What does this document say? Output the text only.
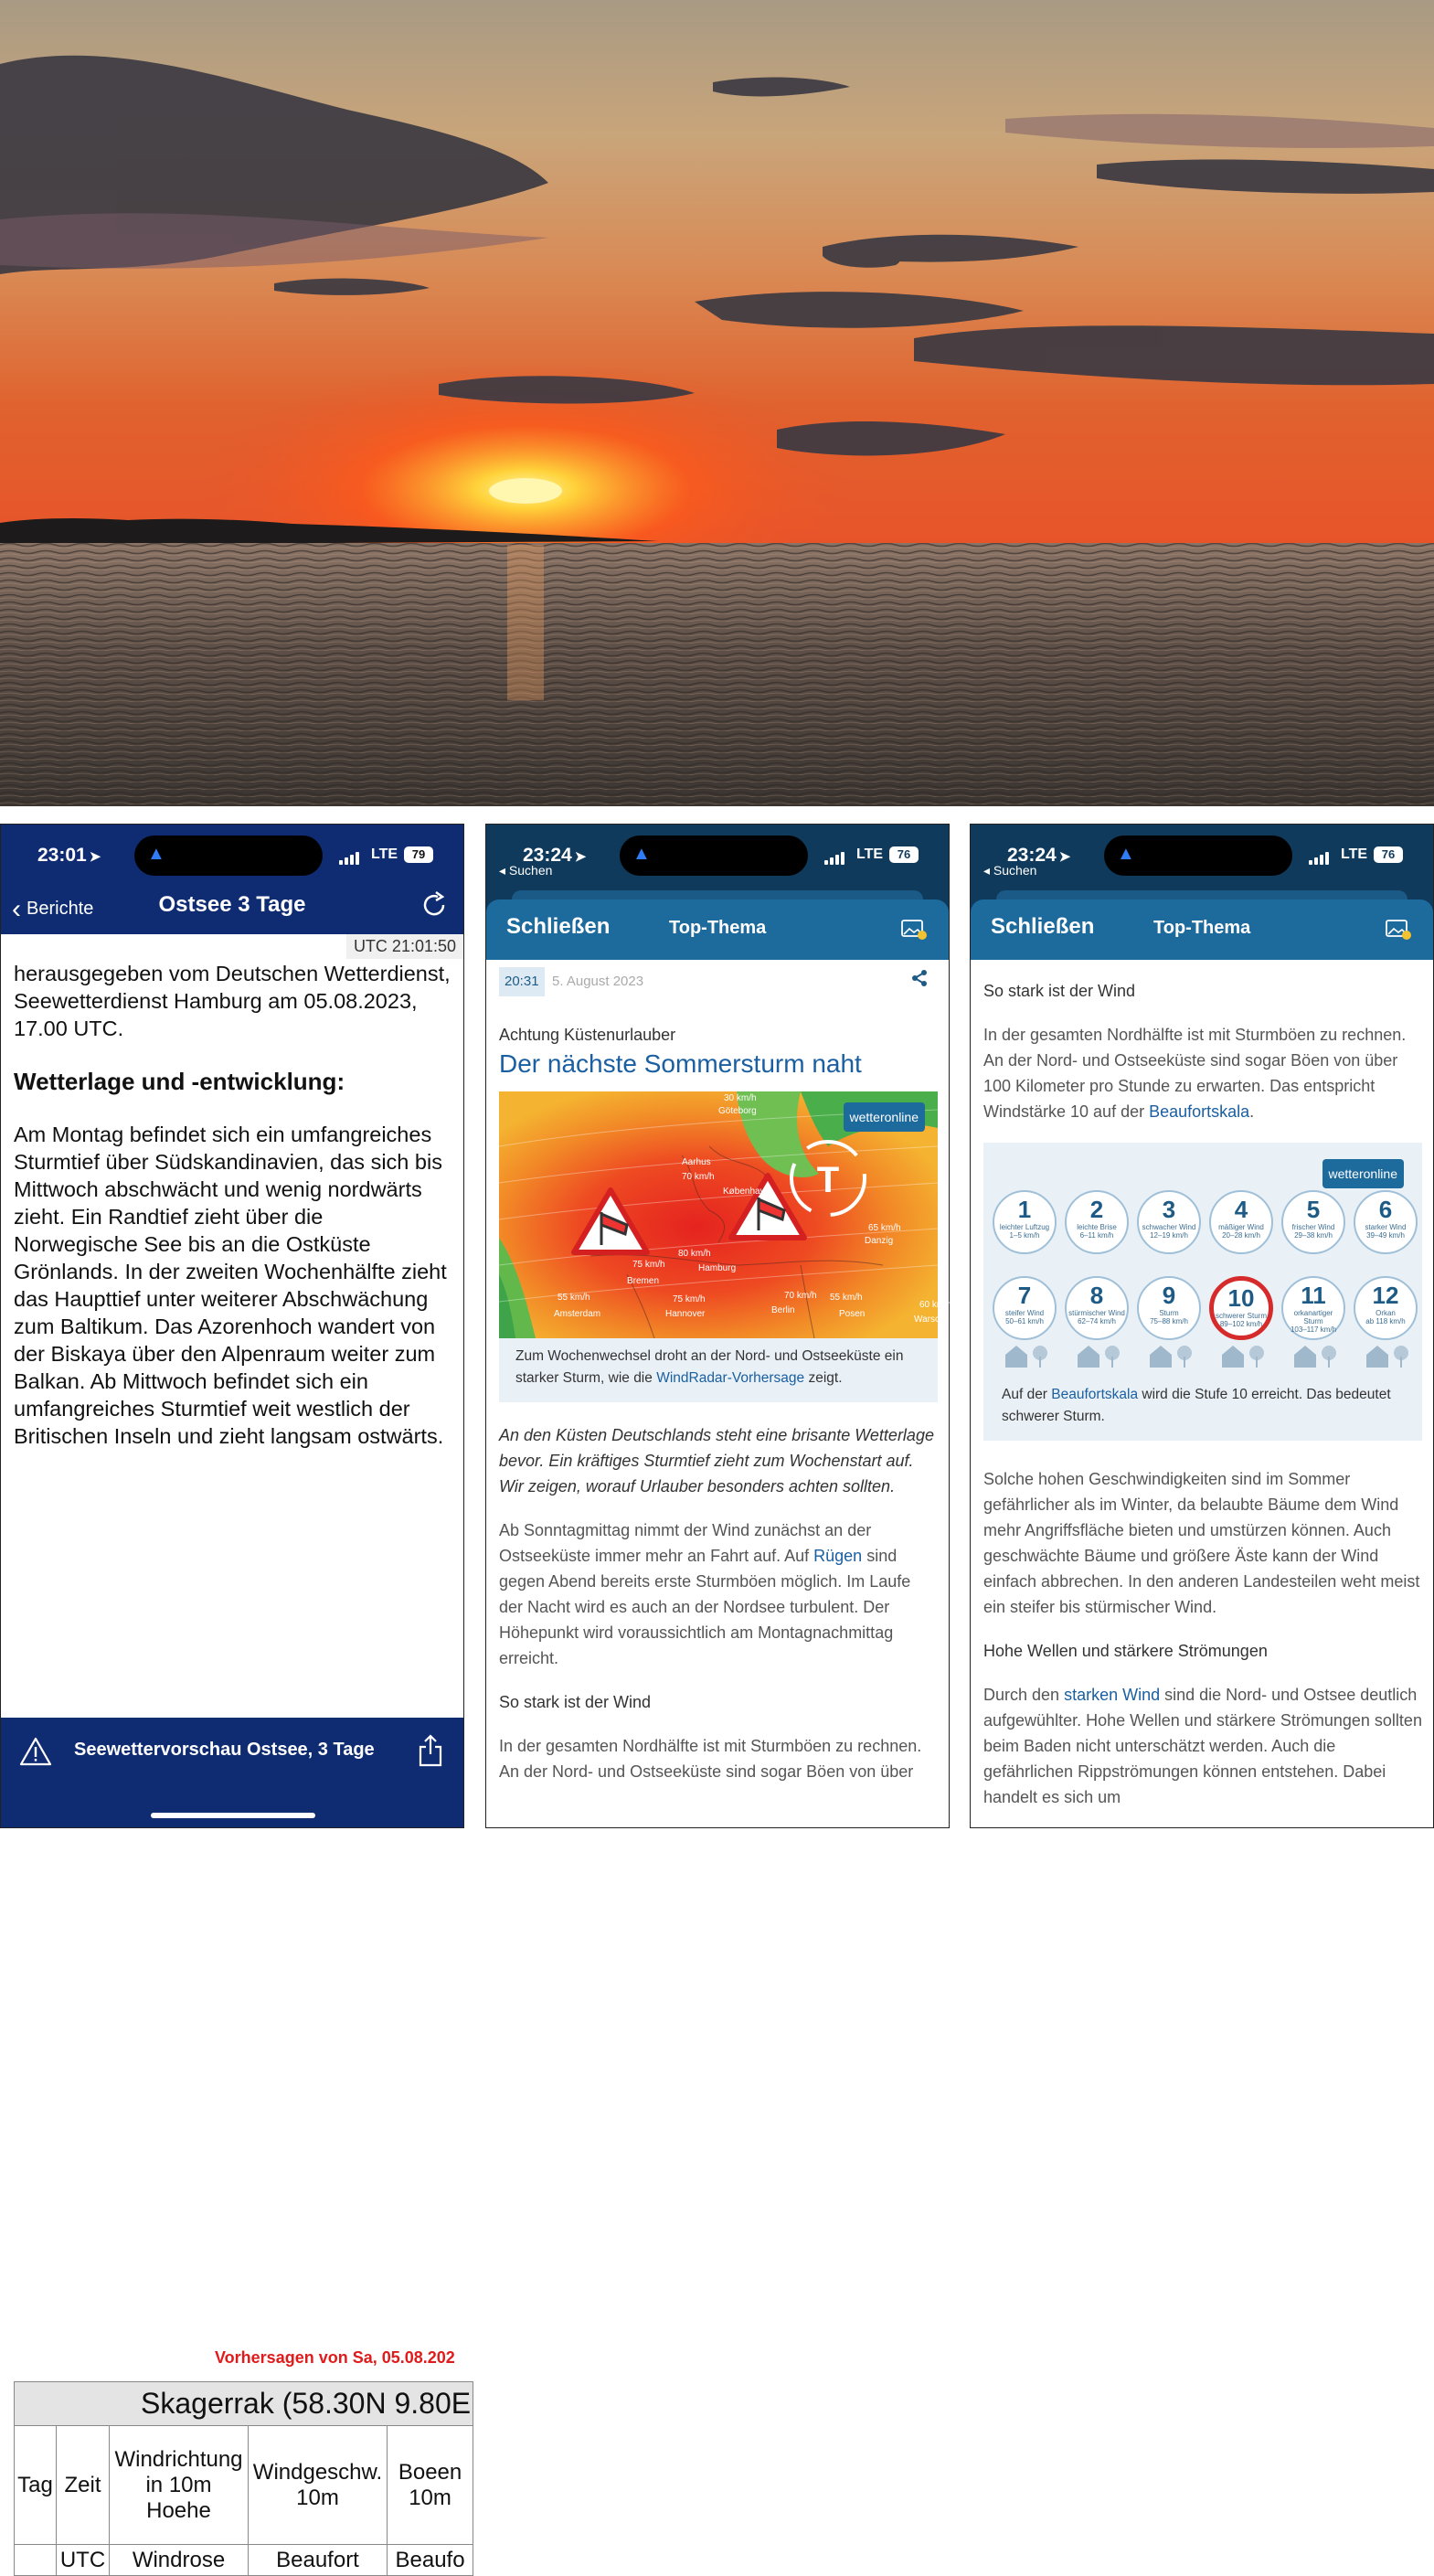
23:01 ➤	▲	LTE	79
‹ Berichte	Ostsee 3 Tage
UTC 21:01:50

herausgegeben vom Deutschen Wetterdienst, Seewetterdienst Hamburg am 05.08.2023, 17.00 UTC.

Wetterlage und -entwicklung:

Am Montag befindet sich ein umfangreiches Sturmtief über Südskandinavien, das sich bis Mittwoch abschwächt und wenig nordwärts zieht. Ein Randtief zieht über die Norwegische See bis an die Ostküste Grönlands. In der zweiten Wochenhälfte zieht das Haupttief unter weiterer Abschwächung zum Baltikum. Das Azorenhoch wandert von der Biskaya über den Alpenraum weiter zum Balkan. Ab Mittwoch befindet sich ein umfangreiches Sturmtief weit westlich der Britischen Inseln und zieht langsam ostwärts.

Vorhersagen von Sa, 05.08.202
Skagerrak (58.30N 9.80E				
Tag	Zeit	Windrichtung in 10m Hoehe	Windgeschw. 10m	Boeen 10m
	UTC	Windrose	Beaufort	Beaufo
Seewettervorschau Ostsee, 3 Tage
23:24 ➤
◂ Suchen
▲	LTE	76
Schließen	Top-Thema
20:31 5. August 2023
Achtung Küstenurlauber
Der nächste Sommersturm naht
T
30 km/h
Göteborg
Aarhus
70 km/h
København
65 km/h
Danzig
80 km/h
Hamburg
75 km/h
Bremen
55 km/h
Amsterdam
75 km/h
Hannover
70 km/h
Berlin
55 km/h
Posen
60 km/h
Warsc
wetteronline
Zum Wochenwechsel droht an der Nord- und Ostseeküste ein starker Sturm, wie die WindRadar-Vorhersage zeigt.

An den Küsten Deutschlands steht eine brisante Wetterlage bevor. Ein kräftiges Sturmtief zieht zum Wochenstart auf. Wir zeigen, worauf Urlauber besonders achten sollten.

Ab Sonntagmittag nimmt der Wind zunächst an der Ostseeküste immer mehr an Fahrt auf. Auf Rügen sind gegen Abend bereits erste Sturmböen möglich. Im Laufe der Nacht wird es auch an der Nordsee turbulent. Der Höhepunkt wird voraussichtlich am Montagnachmittag erreicht.

So stark ist der Wind

In der gesamten Nordhälfte ist mit Sturmböen zu rechnen. An der Nord- und Ostseeküste sind sogar Böen von über

23:24 ➤
◂ Suchen
▲	LTE	76
Schließen	Top-Thema

So stark ist der Wind

In der gesamten Nordhälfte ist mit Sturmböen zu rechnen. An der Nord- und Ostseeküste sind sogar Böen von über 100 Kilometer pro Stunde zu erwarten. Das entspricht Windstärke 10 auf der Beaufortskala.

wetteronline
1
leichter Luftzug
1–5 km/h
2
leichte Brise
6–11 km/h
3
schwacher Wind
12–19 km/h
4
mäßiger Wind
20–28 km/h
5
frischer Wind
29–38 km/h
6
starker Wind
39–49 km/h
7
steifer Wind
50–61 km/h
8
stürmischer Wind
62–74 km/h
9
Sturm
75–88 km/h
10
schwerer Sturm
89–102 km/h
11
orkanartiger Sturm
103–117 km/h
12
Orkan
ab 118 km/h
Auf der Beaufortskala wird die Stufe 10 erreicht. Das bedeutet schwerer Sturm.

Solche hohen Geschwindigkeiten sind im Sommer gefährlicher als im Winter, da belaubte Bäume dem Wind mehr Angriffsfläche bieten und umstürzen können. Auch geschwächte Bäume und größere Äste kann der Wind einfach abbrechen. In den anderen Landesteilen weht meist ein steifer bis stürmischer Wind.

Hohe Wellen und stärkere Strömungen

Durch den starken Wind sind die Nord- und Ostsee deutlich aufgewühlter. Hohe Wellen und stärkere Strömungen sollten beim Baden nicht unterschätzt werden. Auch die gefährlichen Rippströmungen können entstehen. Dabei handelt es sich um
